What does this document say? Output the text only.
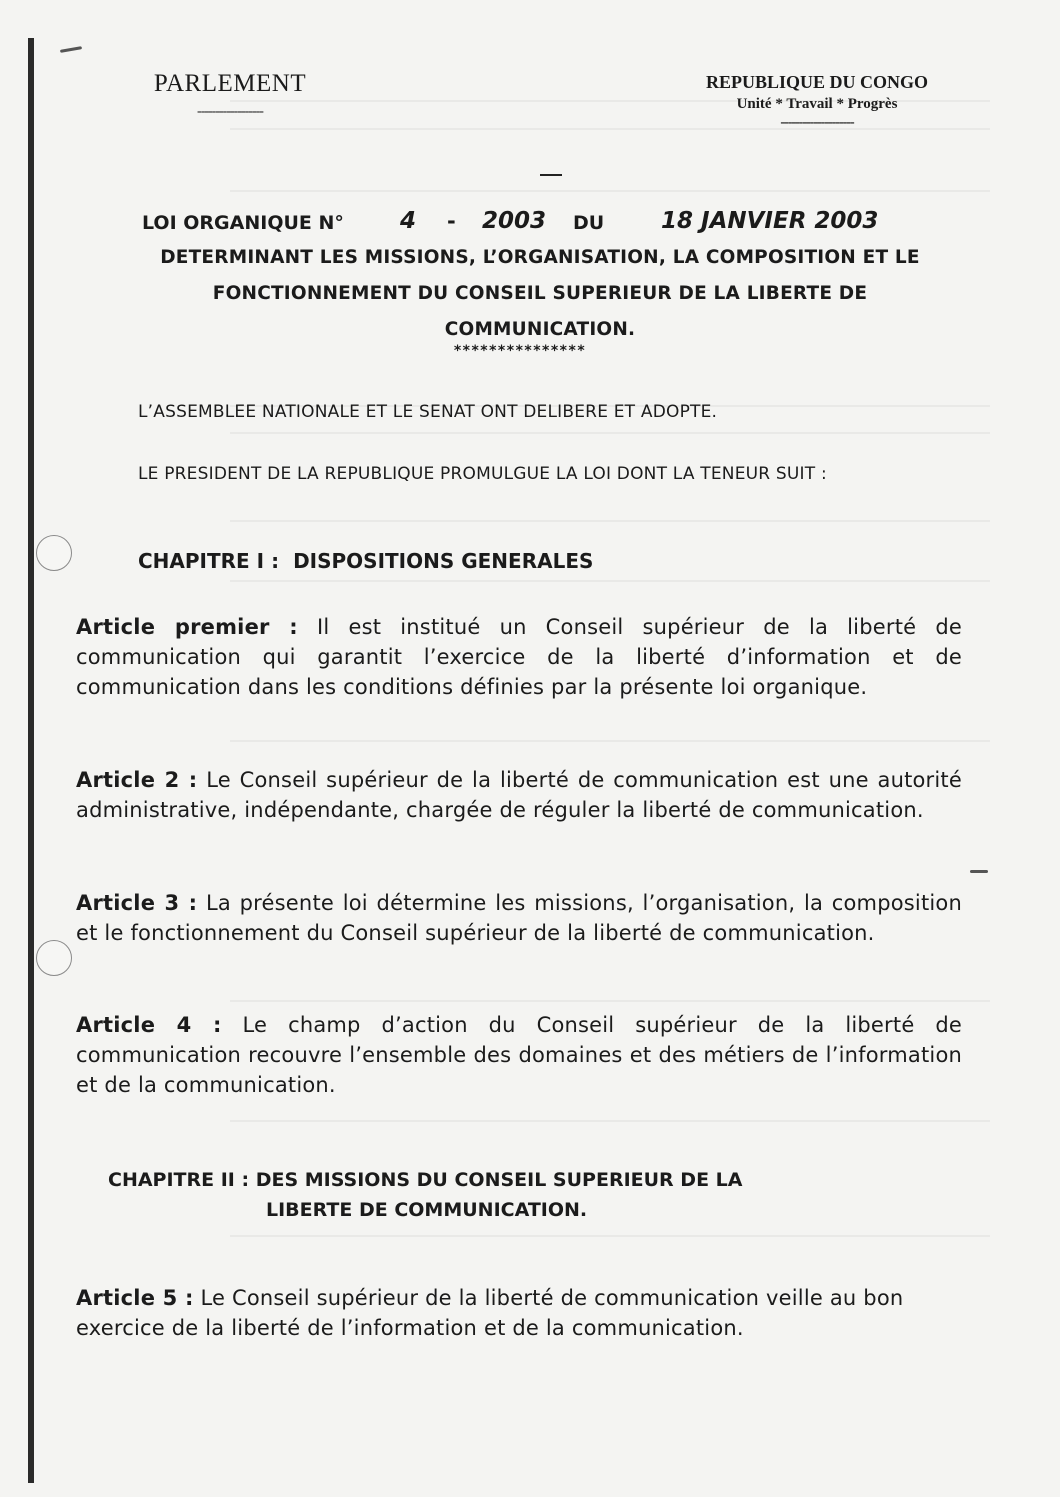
PARLEMENT
------------------
REPUBLIQUE DU CONGO
Unité * Travail * Progrès
--------------------
LOI ORGANIQUE N° 4 - 2003 DU 18 JANVIER 2003
DETERMINANT LES MISSIONS, L’ORGANISATION, LA COMPOSITION ET LE
FONCTIONNEMENT DU CONSEIL SUPERIEUR DE LA LIBERTE DE
COMMUNICATION.
***************
L’ASSEMBLEE NATIONALE ET LE SENAT ONT DELIBERE ET ADOPTE.
LE PRESIDENT DE LA REPUBLIQUE PROMULGUE LA LOI DONT LA TENEUR SUIT :
CHAPITRE I : DISPOSITIONS GENERALES
Article premier : Il est institué un Conseil supérieur de la liberté de communication qui garantit l’exercice de la liberté d’information et de communication dans les conditions définies par la présente loi organique.
Article 2 : Le Conseil supérieur de la liberté de communication est une autorité administrative, indépendante, chargée de réguler la liberté de communication.
Article 3 : La présente loi détermine les missions, l’organisation, la composition et le fonctionnement du Conseil supérieur de la liberté de communication.
Article 4 : Le champ d’action du Conseil supérieur de la liberté de communication recouvre l’ensemble des domaines et des métiers de l’information et de la communication.
CHAPITRE II : DES MISSIONS DU CONSEIL SUPERIEUR DE LA
LIBERTE DE COMMUNICATION.
Article 5 : Le Conseil supérieur de la liberté de communication veille au bon exercice de la liberté de l’information et de la communication.
